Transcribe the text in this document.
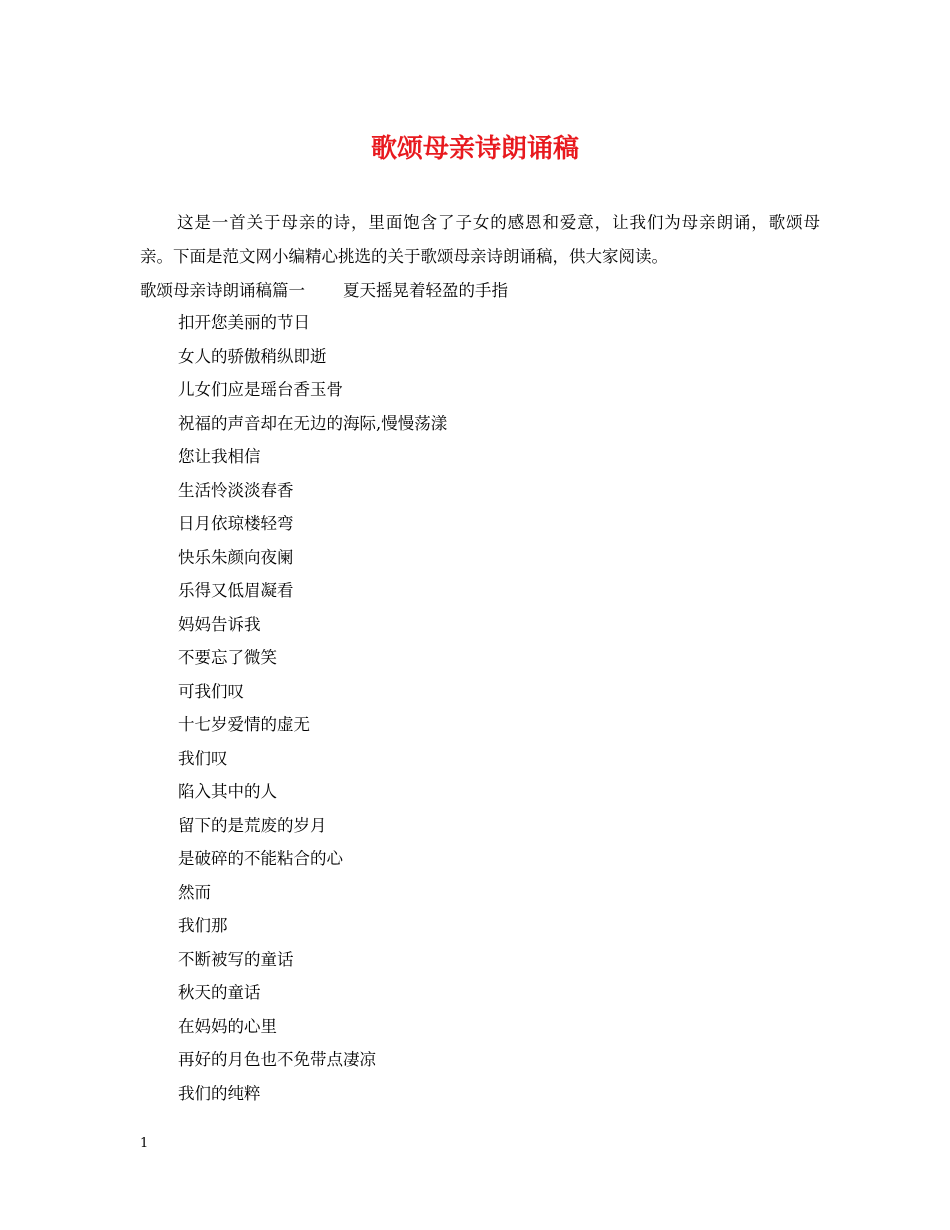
歌颂母亲诗朗诵稿
这是一首关于母亲的诗，里面饱含了子女的感恩和爱意，让我们为母亲朗诵，歌颂母亲。下面是范文网小编精心挑选的关于歌颂母亲诗朗诵稿，供大家阅读。
歌颂母亲诗朗诵稿篇一 夏天摇晃着轻盈的手指
扣开您美丽的节日
女人的骄傲稍纵即逝
儿女们应是瑶台香玉骨
祝福的声音却在无边的海际,慢慢荡漾
您让我相信
生活怜淡淡春香
日月依琼楼轻弯
快乐朱颜向夜阑
乐得又低眉凝看
妈妈告诉我
不要忘了微笑
可我们叹
十七岁爱情的虚无
我们叹
陷入其中的人
留下的是荒废的岁月
是破碎的不能粘合的心
然而
我们那
不断被写的童话
秋天的童话
在妈妈的心里
再好的月色也不免带点凄凉
我们的纯粹
1
